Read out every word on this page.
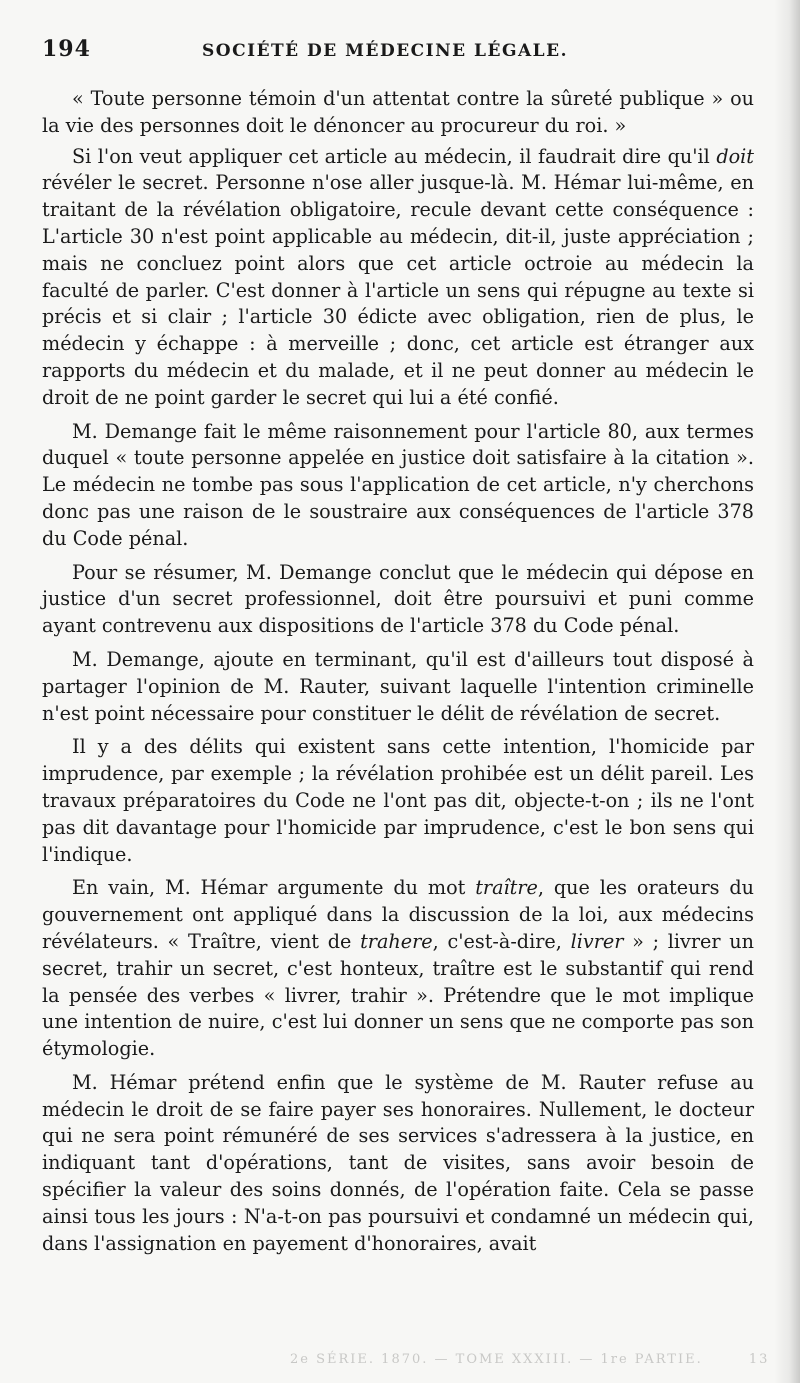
194	SOCIÉTÉ DE MÉDECINE LÉGALE.

« Toute personne témoin d'un attentat contre la sûreté publique » ou la vie des personnes doit le dénoncer au procureur du roi. »

Si l'on veut appliquer cet article au médecin, il faudrait dire qu'il doit révéler le secret. Personne n'ose aller jusque-là. M. Hémar lui-même, en traitant de la révélation obligatoire, recule devant cette conséquence : L'article 30 n'est point applicable au médecin, dit-il, juste appréciation ; mais ne concluez point alors que cet article octroie au médecin la faculté de parler. C'est donner à l'article un sens qui répugne au texte si précis et si clair ; l'article 30 édicte avec obligation, rien de plus, le médecin y échappe : à merveille ; donc, cet article est étranger aux rapports du médecin et du malade, et il ne peut donner au médecin le droit de ne point garder le secret qui lui a été confié.

M. Demange fait le même raisonnement pour l'article 80, aux termes duquel « toute personne appelée en justice doit satisfaire à la citation ». Le médecin ne tombe pas sous l'application de cet article, n'y cherchons donc pas une raison de le soustraire aux conséquences de l'article 378 du Code pénal.

Pour se résumer, M. Demange conclut que le médecin qui dépose en justice d'un secret professionnel, doit être poursuivi et puni comme ayant contrevenu aux dispositions de l'article 378 du Code pénal.

M. Demange, ajoute en terminant, qu'il est d'ailleurs tout disposé à partager l'opinion de M. Rauter, suivant laquelle l'intention criminelle n'est point nécessaire pour constituer le délit de révélation de secret.

Il y a des délits qui existent sans cette intention, l'homicide par imprudence, par exemple ; la révélation prohibée est un délit pareil. Les travaux préparatoires du Code ne l'ont pas dit, objecte-t-on ; ils ne l'ont pas dit davantage pour l'homicide par imprudence, c'est le bon sens qui l'indique.

En vain, M. Hémar argumente du mot traître, que les orateurs du gouvernement ont appliqué dans la discussion de la loi, aux médecins révélateurs. « Traître, vient de trahere, c'est-à-dire, livrer » ; livrer un secret, trahir un secret, c'est honteux, traître est le substantif qui rend la pensée des verbes « livrer, trahir ». Prétendre que le mot implique une intention de nuire, c'est lui donner un sens que ne comporte pas son étymologie.

M. Hémar prétend enfin que le système de M. Rauter refuse au médecin le droit de se faire payer ses honoraires. Nullement, le docteur qui ne sera point rémunéré de ses services s'adressera à la justice, en indiquant tant d'opérations, tant de visites, sans avoir besoin de spécifier la valeur des soins donnés, de l'opération faite. Cela se passe ainsi tous les jours : N'a-t-on pas poursuivi et condamné un médecin qui, dans l'assignation en payement d'honoraires, avait

2e SÉRIE. 1870. — TOME XXXIII. — 1re PARTIE.	13
